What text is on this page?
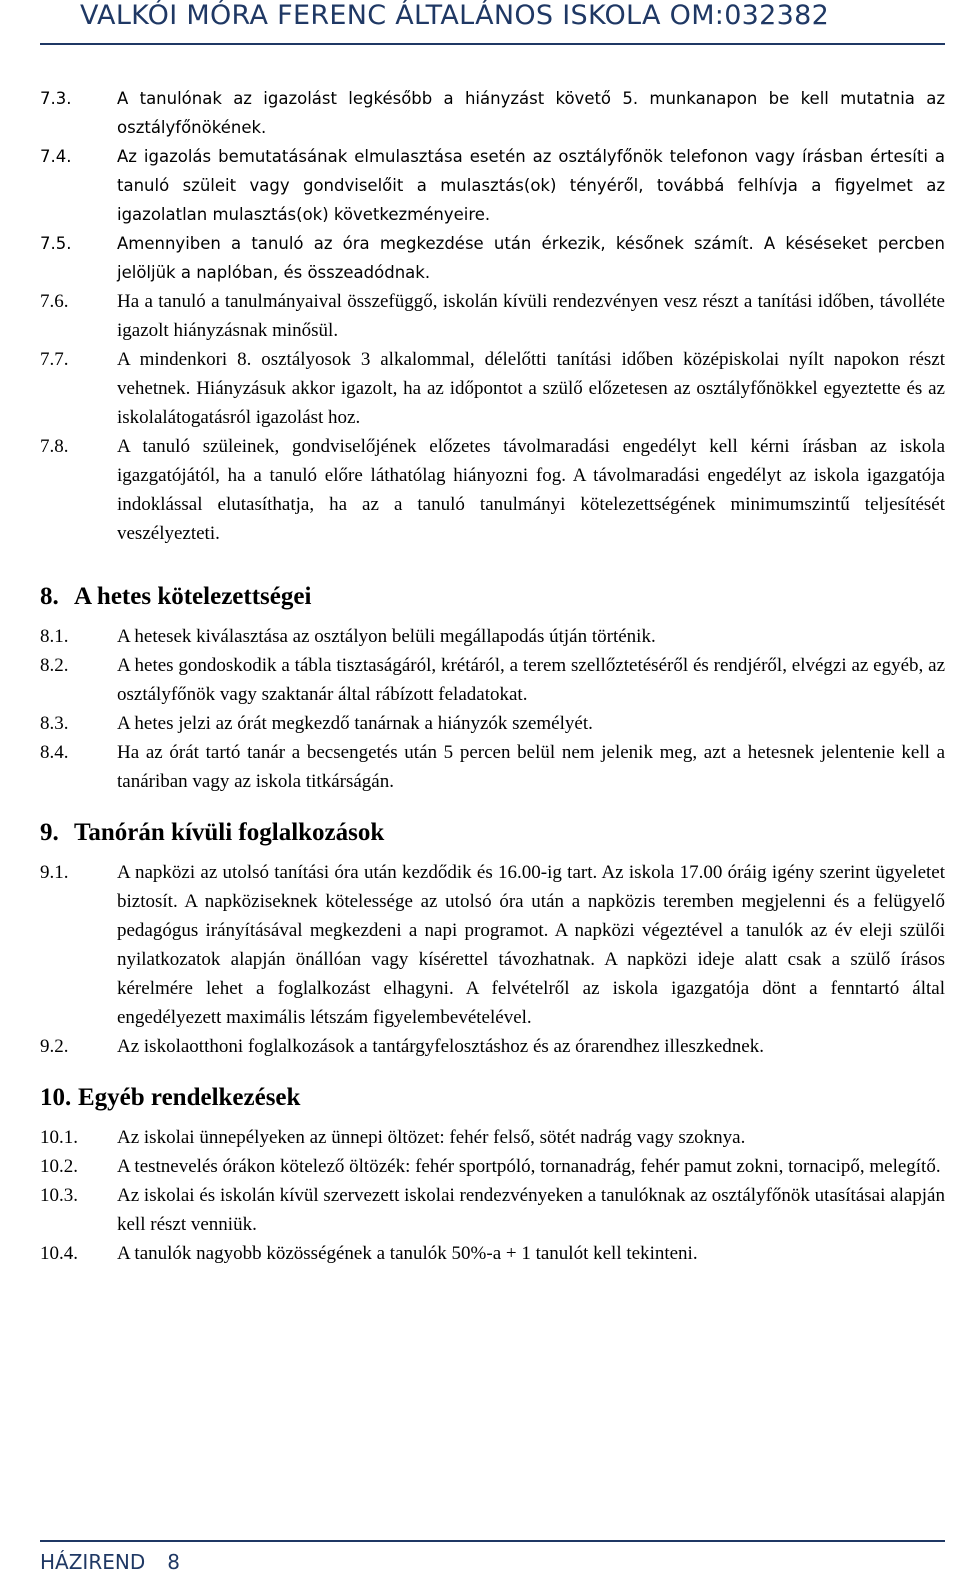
VALKÓI MÓRA FERENC ÁLTALÁNOS ISKOLA OM:032382
7.3.	A tanulónak az igazolást legkésőbb a hiányzást követő 5. munkanapon be kell mutatnia az osztályfőnökének.
7.4.	Az igazolás bemutatásának elmulasztása esetén az osztályfőnök telefonon vagy írásban értesíti a tanuló szüleit vagy gondviselőit a mulasztás(ok) tényéről, továbbá felhívja a figyelmet az igazolatlan mulasztás(ok) következményeire.
7.5.	Amennyiben a tanuló az óra megkezdése után érkezik, későnek számít. A késéseket percben jelöljük a naplóban, és összeadódnak.
7.6.	Ha a tanuló a tanulmányaival összefüggő, iskolán kívüli rendezvényen vesz részt a tanítási időben, távolléte igazolt hiányzásnak minősül.
7.7.	A mindenkori 8. osztályosok 3 alkalommal, délelőtti tanítási időben középiskolai nyílt napokon részt vehetnek. Hiányzásuk akkor igazolt, ha az időpontot a szülő előzetesen az osztályfőnökkel egyeztette és az iskolalátogatásról igazolást hoz.
7.8.	A tanuló szüleinek, gondviselőjének előzetes távolmaradási engedélyt kell kérni írásban az iskola igazgatójától, ha a tanuló előre láthatólag hiányozni fog. A távolmaradási engedélyt az iskola igazgatója indoklással elutasíthatja, ha az a tanuló tanulmányi kötelezettségének minimumszintű teljesítését veszélyezteti.
8. A hetes kötelezettségei
8.1.	A hetesek kiválasztása az osztályon belüli megállapodás útján történik.
8.2.	A hetes gondoskodik a tábla tisztaságáról, krétáról, a terem szellőztetéséről és rendjéről, elvégzi az egyéb, az osztályfőnök vagy szaktanár által rábízott feladatokat.
8.3.	A hetes jelzi az órát megkezdő tanárnak a hiányzók személyét.
8.4.	Ha az órát tartó tanár a becsengetés után 5 percen belül nem jelenik meg, azt a hetesnek jelentenie kell a tanáriban vagy az iskola titkárságán.
9. Tanórán kívüli foglalkozások
9.1.	A napközi az utolsó tanítási óra után kezdődik és 16.00-ig tart. Az iskola 17.00 óráig igény szerint ügyeletet biztosít. A napköziseknek kötelessége az utolsó óra után a napközis teremben megjelenni és a felügyelő pedagógus irányításával megkezdeni a napi programot. A napközi végeztével a tanulók az év eleji szülői nyilatkozatok alapján önállóan vagy kísérettel távozhatnak. A napközi ideje alatt csak a szülő írásos kérelmére lehet a foglalkozást elhagyni. A felvételről az iskola igazgatója dönt a fenntartó által engedélyezett maximális létszám figyelembevételével.
9.2.	Az iskolaotthoni foglalkozások a tantárgyfelosztáshoz és az órarendhez illeszkednek.
10. Egyéb rendelkezések
10.1.	Az iskolai ünnepélyeken az ünnepi öltözet: fehér felső, sötét nadrág vagy szoknya.
10.2.	A testnevelés órákon kötelező öltözék: fehér sportpóló, tornanadrág, fehér pamut zokni, tornacipő, melegítő.
10.3.	Az iskolai és iskolán kívül szervezett iskolai rendezvényeken a tanulóknak az osztályfőnök utasításai alapján kell részt venniük.
10.4.	A tanulók nagyobb közösségének a tanulók 50%-a + 1 tanulót kell tekinteni.
HÁZIREND 8
